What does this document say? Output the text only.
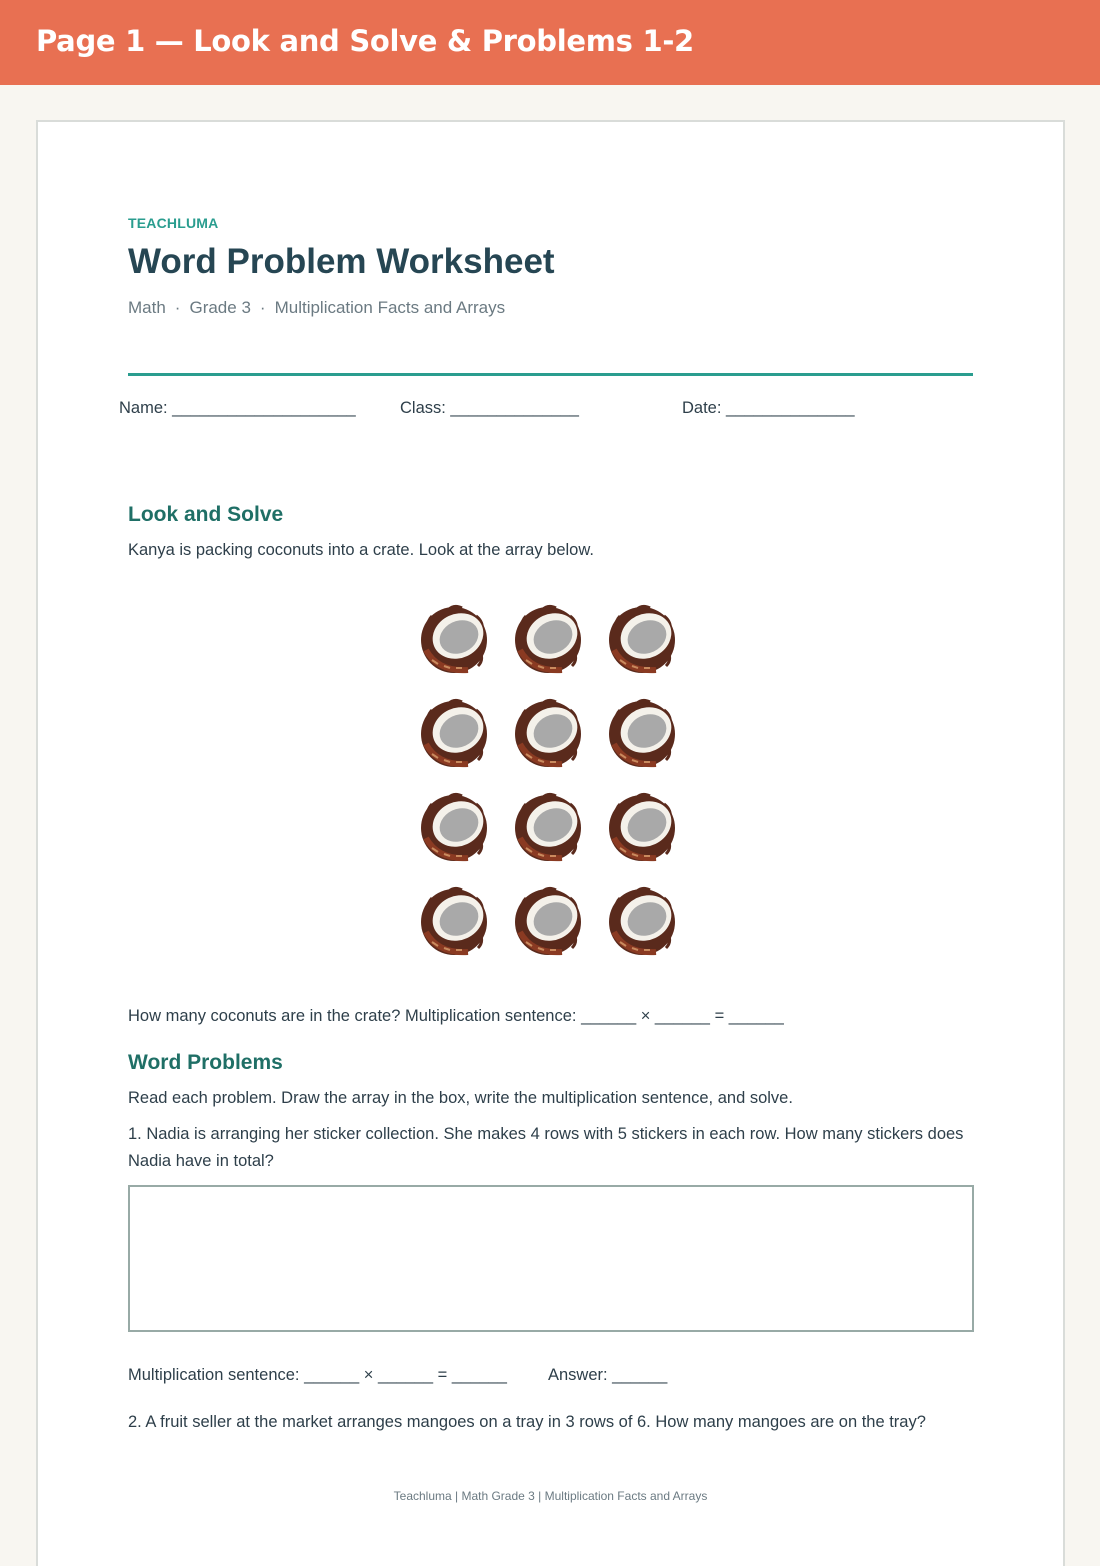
Page 1 — Look and Solve & Problems 1-2
TEACHLUMA
Word Problem Worksheet
Math · Grade 3 · Multiplication Facts and Arrays
Name: ____________________	Class: ______________	Date: ______________
Look and Solve
Kanya is packing coconuts into a crate. Look at the array below.
How many coconuts are in the crate? Multiplication sentence: ______ × ______ = ______
Word Problems
Read each problem. Draw the array in the box, write the multiplication sentence, and solve.
1. Nadia is arranging her sticker collection. She makes 4 rows with 5 stickers in each row. How many stickers does Nadia have in total?
Multiplication sentence: ______ × ______ = ______ Answer: ______
2. A fruit seller at the market arranges mangoes on a tray in 3 rows of 6. How many mangoes are on the tray?
Teachluma | Math Grade 3 | Multiplication Facts and Arrays
